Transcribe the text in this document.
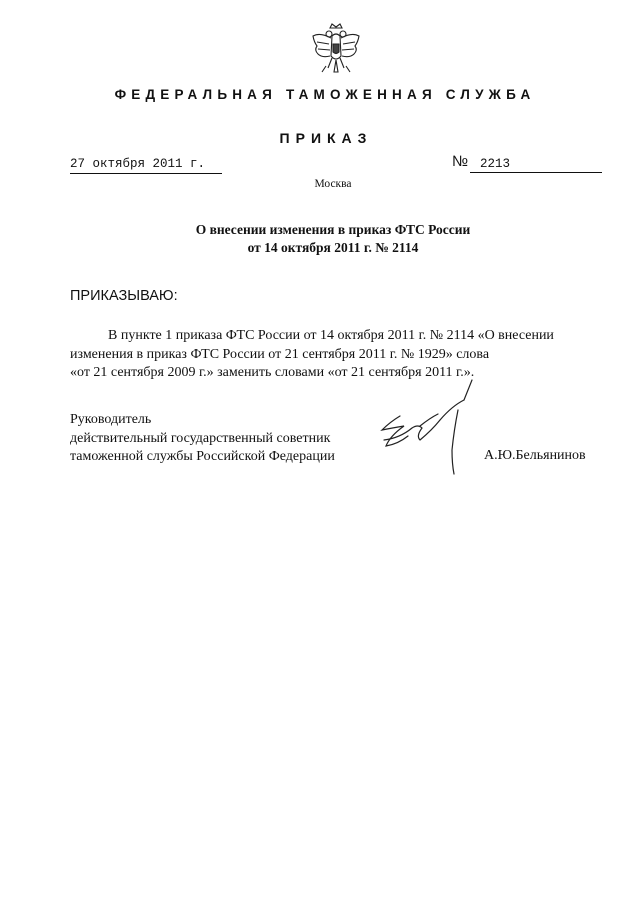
ФЕДЕРАЛЬНАЯ ТАМОЖЕННАЯ СЛУЖБА
ПРИКАЗ
27 октября 2011 г.	№ 2213
Москва
О внесении изменения в приказ ФТС России
от 14 октября 2011 г. № 2114
ПРИКАЗЫВАЮ:
В пункте 1 приказа ФТС России от 14 октября 2011 г. № 2114 «О внесении
изменения в приказ ФТС России от 21 сентября 2011 г. № 1929» слова
«от 21 сентября 2009 г.» заменить словами «от 21 сентября 2011 г.».
Руководитель
действительный государственный советник
таможенной службы Российской Федерации	А.Ю.Бельянинов
